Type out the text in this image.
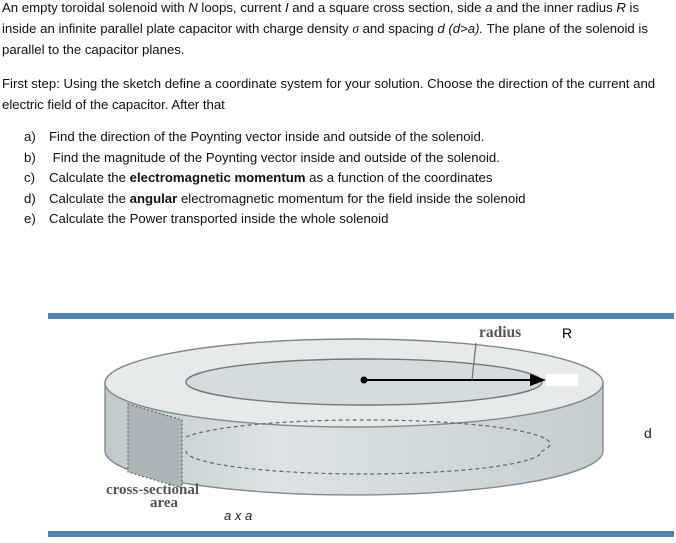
An empty toroidal solenoid with N loops, current I and a square cross section, side a and the inner radius R is inside an infinite parallel plate capacitor with charge density σ and spacing d (d>a). The plane of the solenoid is parallel to the capacitor planes.

First step: Using the sketch define a coordinate system for your solution. Choose the direction of the current and electric field of the capacitor. After that

a) Find the direction of the Poynting vector inside and outside of the solenoid.
b) Find the magnitude of the Poynting vector inside and outside of the solenoid.
c) Calculate the electromagnetic momentum as a function of the coordinates
d) Calculate the angular electromagnetic momentum for the field inside the solenoid
e) Calculate the Power transported inside the whole solenoid
radius	R
d
cross-sectional
area
a x a
